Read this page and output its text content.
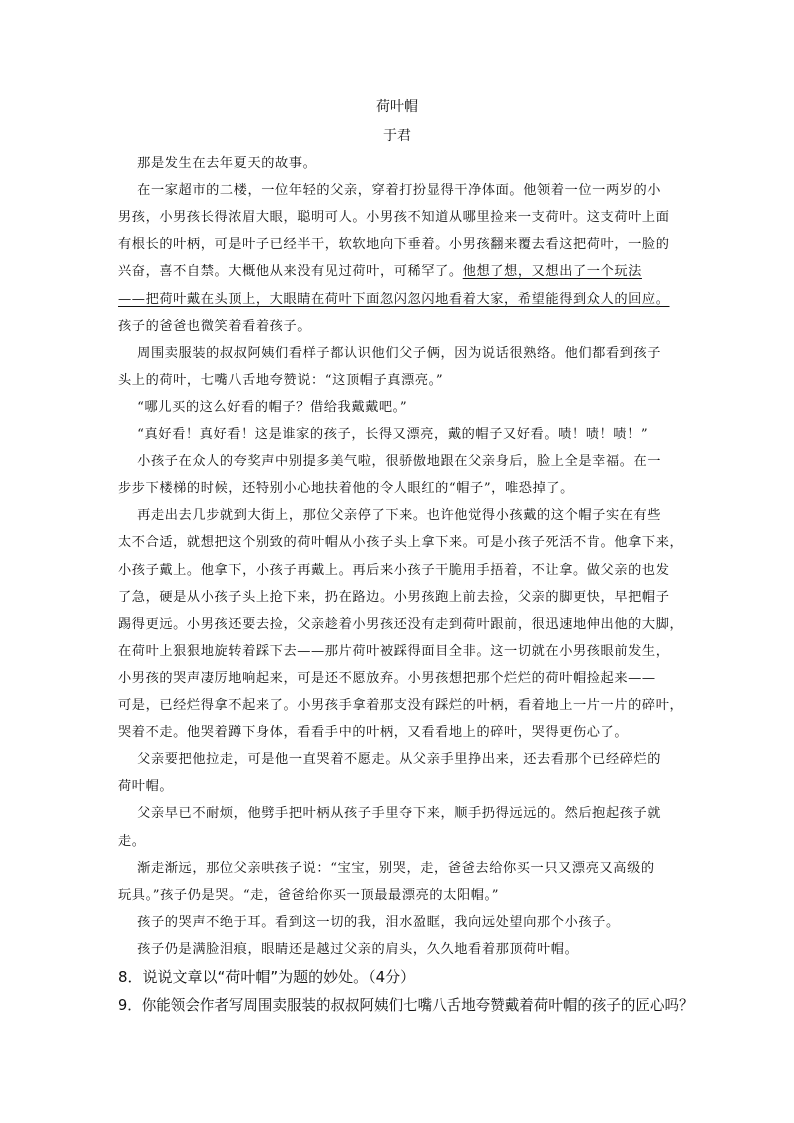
荷叶帽
于君
那是发生在去年夏天的故事。
在一家超市的二楼，一位年轻的父亲，穿着打扮显得干净体面。他领着一位一两岁的小
男孩，小男孩长得浓眉大眼，聪明可人。小男孩不知道从哪里捡来一支荷叶。这支荷叶上面
有根长的叶柄，可是叶子已经半干，软软地向下垂着。小男孩翻来覆去看这把荷叶，一脸的
兴奋，喜不自禁。大概他从来没有见过荷叶，可稀罕了。他想了想，又想出了一个玩法
——把荷叶戴在头顶上，大眼睛在荷叶下面忽闪忽闪地看着大家，希望能得到众人的回应。
孩子的爸爸也微笑着看着孩子。
周围卖服装的叔叔阿姨们看样子都认识他们父子俩，因为说话很熟络。他们都看到孩子
头上的荷叶，七嘴八舌地夸赞说：“这顶帽子真漂亮。”
“哪儿买的这么好看的帽子？借给我戴戴吧。”
“真好看！真好看！这是谁家的孩子，长得又漂亮，戴的帽子又好看。啧！啧！啧！”
小孩子在众人的夸奖声中别提多美气啦，很骄傲地跟在父亲身后，脸上全是幸福。在一
步步下楼梯的时候，还特别小心地扶着他的令人眼红的“帽子”，唯恐掉了。
再走出去几步就到大街上，那位父亲停了下来。也许他觉得小孩戴的这个帽子实在有些
太不合适，就想把这个别致的荷叶帽从小孩子头上拿下来。可是小孩子死活不肯。他拿下来，
小孩子戴上。他拿下，小孩子再戴上。再后来小孩子干脆用手捂着，不让拿。做父亲的也发
了急，硬是从小孩子头上抢下来，扔在路边。小男孩跑上前去捡，父亲的脚更快，早把帽子
踢得更远。小男孩还要去捡，父亲趁着小男孩还没有走到荷叶跟前，很迅速地伸出他的大脚，
在荷叶上狠狠地旋转着踩下去——那片荷叶被踩得面目全非。这一切就在小男孩眼前发生，
小男孩的哭声凄厉地响起来，可是还不愿放弃。小男孩想把那个烂烂的荷叶帽捡起来——
可是，已经烂得拿不起来了。小男孩手拿着那支没有踩烂的叶柄，看着地上一片一片的碎叶，
哭着不走。他哭着蹲下身体，看看手中的叶柄，又看看地上的碎叶，哭得更伤心了。
父亲要把他拉走，可是他一直哭着不愿走。从父亲手里挣出来，还去看那个已经碎烂的
荷叶帽。
父亲早已不耐烦，他劈手把叶柄从孩子手里夺下来，顺手扔得远远的。然后抱起孩子就
走。
渐走渐远，那位父亲哄孩子说：“宝宝，别哭，走，爸爸去给你买一只又漂亮又高级的
玩具。”孩子仍是哭。“走，爸爸给你买一顶最最漂亮的太阳帽。”
孩子的哭声不绝于耳。看到这一切的我，泪水盈眶，我向远处望向那个小孩子。
孩子仍是满脸泪痕，眼睛还是越过父亲的肩头，久久地看着那顶荷叶帽。
8．说说文章以“荷叶帽”为题的妙处。（4分）
9．你能领会作者写周围卖服装的叔叔阿姨们七嘴八舌地夸赞戴着荷叶帽的孩子的匠心吗？
